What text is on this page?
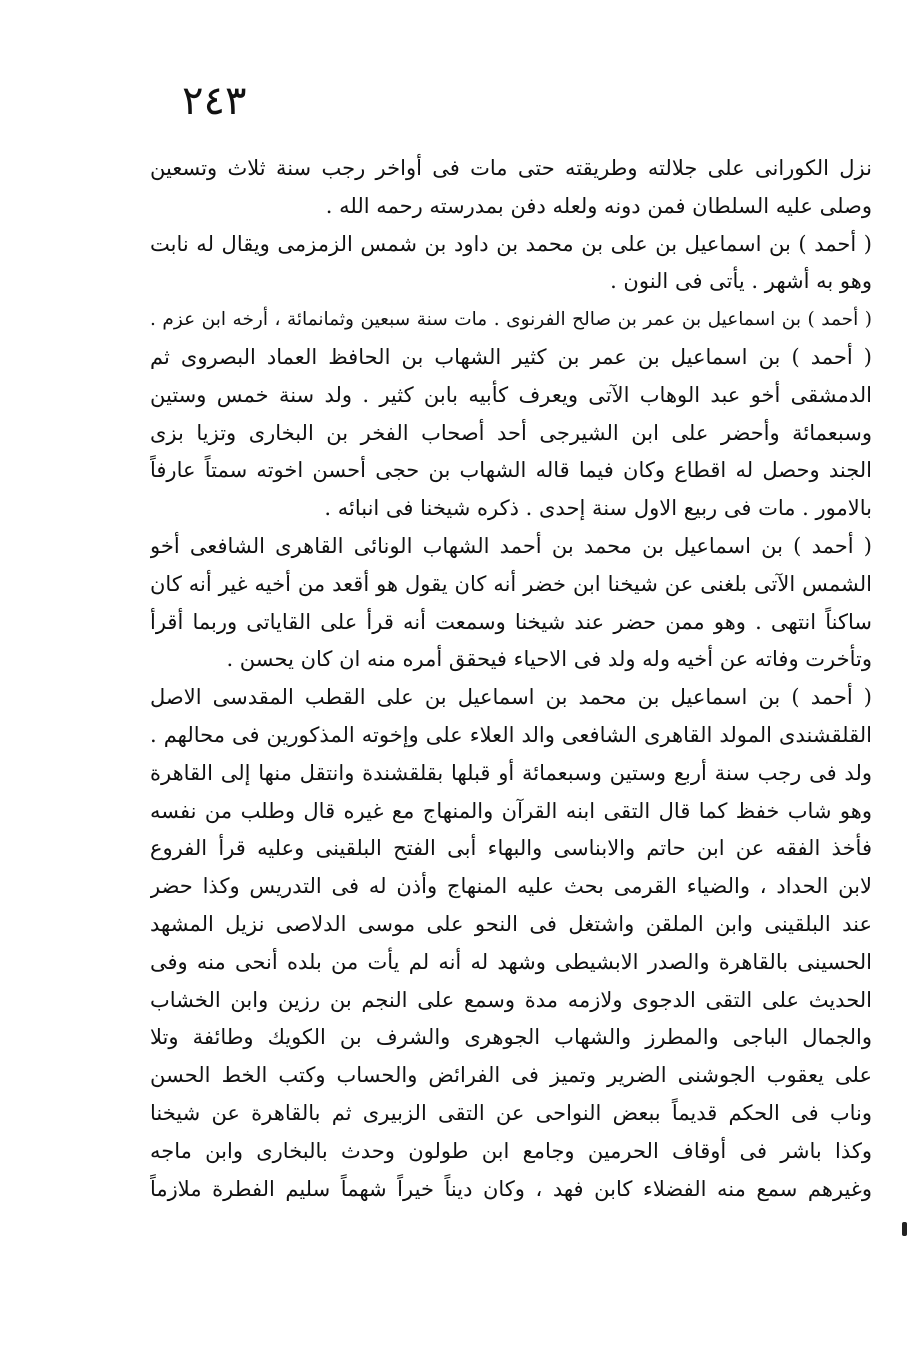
٢٤٣
نزل الكورانى على جلالته وطريقته حتى مات فى أواخر رجب سنة ثلاث وتسعين
وصلى عليه السلطان فمن دونه ولعله دفن بمدرسته رحمه الله .
( أحمد ) بن اسماعيل بن على بن محمد بن داود بن شمس الزمزمى ويقال له نابت
وهو به أشهر . يأتى فى النون .
( أحمد ) بن اسماعيل بن عمر بن صالح الفرنوى . مات سنة سبعين وثمانمائة ، أرخه ابن عزم .
( أحمد ) بن اسماعيل بن عمر بن كثير الشهاب بن الحافظ العماد البصروى ثم
الدمشقى أخو عبد الوهاب الآتى ويعرف كأبيه بابن كثير . ولد سنة خمس وستين
وسبعمائة وأحضر على ابن الشيرجى أحد أصحاب الفخر بن البخارى وتزيا بزى
الجند وحصل له اقطاع وكان فيما قاله الشهاب بن حجى أحسن اخوته سمتاً عارفاً
بالامور . مات فى ربيع الاول سنة إحدى . ذكره شيخنا فى انبائه .
( أحمد ) بن اسماعيل بن محمد بن أحمد الشهاب الونائى القاهرى الشافعى أخو
الشمس الآتى بلغنى عن شيخنا ابن خضر أنه كان يقول هو أقعد من أخيه غير أنه كان
ساكناً انتهى . وهو ممن حضر عند شيخنا وسمعت أنه قرأ على القاياتى وربما أقرأ
وتأخرت وفاته عن أخيه وله ولد فى الاحياء فيحقق أمره منه ان كان يحسن .
( أحمد ) بن اسماعيل بن محمد بن اسماعيل بن على القطب المقدسى الاصل
القلقشندى المولد القاهرى الشافعى والد العلاء على وإخوته المذكورين فى محالهم .
ولد فى رجب سنة أربع وستين وسبعمائة أو قبلها بقلقشندة وانتقل منها إلى القاهرة
وهو شاب خفظ كما قال التقى ابنه القرآن والمنهاج مع غيره قال وطلب من نفسه
فأخذ الفقه عن ابن حاتم والابناسى والبهاء أبى الفتح البلقينى وعليه قرأ الفروع
لابن الحداد ، والضياء القرمى بحث عليه المنهاج وأذن له فى التدريس وكذا حضر
عند البلقينى وابن الملقن واشتغل فى النحو على موسى الدلاصى نزيل المشهد
الحسينى بالقاهرة والصدر الابشيطى وشهد له أنه لم يأت من بلده أنحى منه وفى
الحديث على التقى الدجوى ولازمه مدة وسمع على النجم بن رزين وابن الخشاب
والجمال الباجى والمطرز والشهاب الجوهرى والشرف بن الكويك وطائفة وتلا
على يعقوب الجوشنى الضرير وتميز فى الفرائض والحساب وكتب الخط الحسن
وناب فى الحكم قديماً ببعض النواحى عن التقى الزبيرى ثم بالقاهرة عن شيخنا
وكذا باشر فى أوقاف الحرمين وجامع ابن طولون وحدث بالبخارى وابن ماجه
وغيرهم سمع منه الفضلاء كابن فهد ، وكان ديناً خيراً شهماً سليم الفطرة ملازماً
